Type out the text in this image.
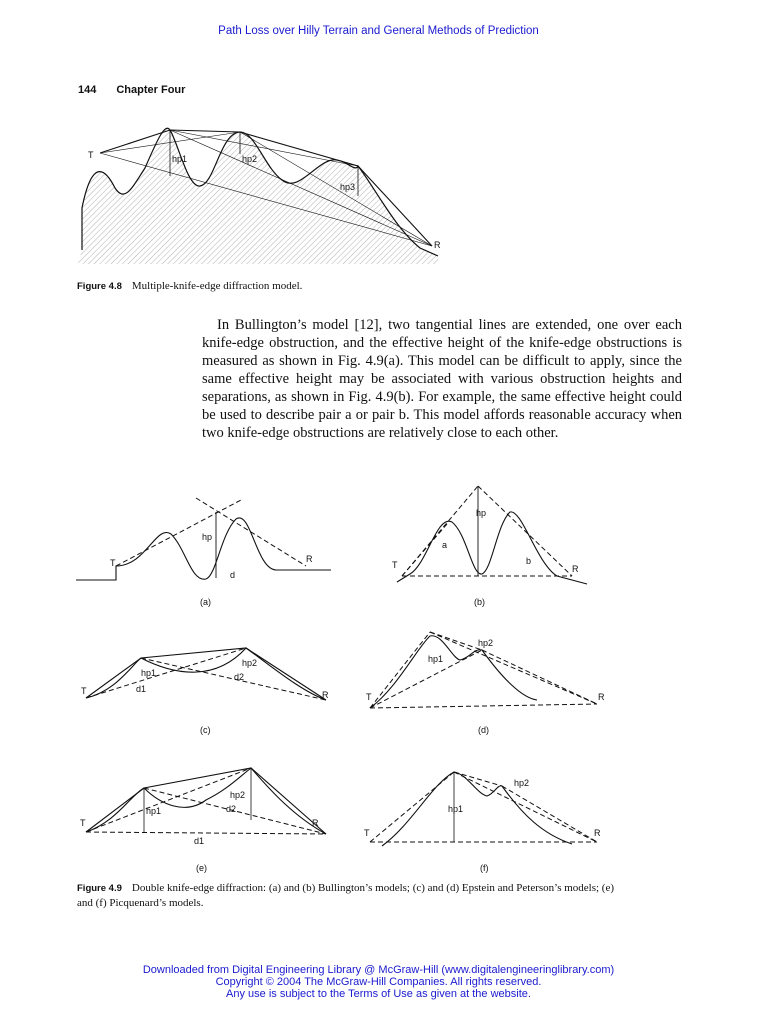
Path Loss over Hilly Terrain and General Methods of Prediction
144 Chapter Four
T
R
hp1	hp2
hp3
Figure 4.8 Multiple-knife-edge diffraction model.
In Bullington’s model [12], two tangential lines are extended, one over each knife-edge obstruction, and the effective height of the knife-edge obstructions is measured as shown in Fig. 4.9(a). This model can be difficult to apply, since the same effective height may be associated with various obstruction heights and separations, as shown in Fig. 4.9(b). For example, the same effective height could be used to describe pair a or pair b. This model affords reasonable accuracy when two knife-edge obstructions are relatively close to each other.
T	R
hp
d
(a)
T	R
hp
a
b
(b)
T	R
hp1
hp2
d1
d2
(c)
T	R
hp1
hp2
(d)
T	R
hp1
hp2
d1
d2
(e)
T	R
hp1
hp2
(f)
Figure 4.9 Double knife-edge diffraction: (a) and (b) Bullington’s models; (c) and (d) Epstein and Peterson’s models; (e) and (f) Picquenard’s models.
Downloaded from Digital Engineering Library @ McGraw-Hill (www.digitalengineeringlibrary.com)
Copyright © 2004 The McGraw-Hill Companies. All rights reserved.
Any use is subject to the Terms of Use as given at the website.
